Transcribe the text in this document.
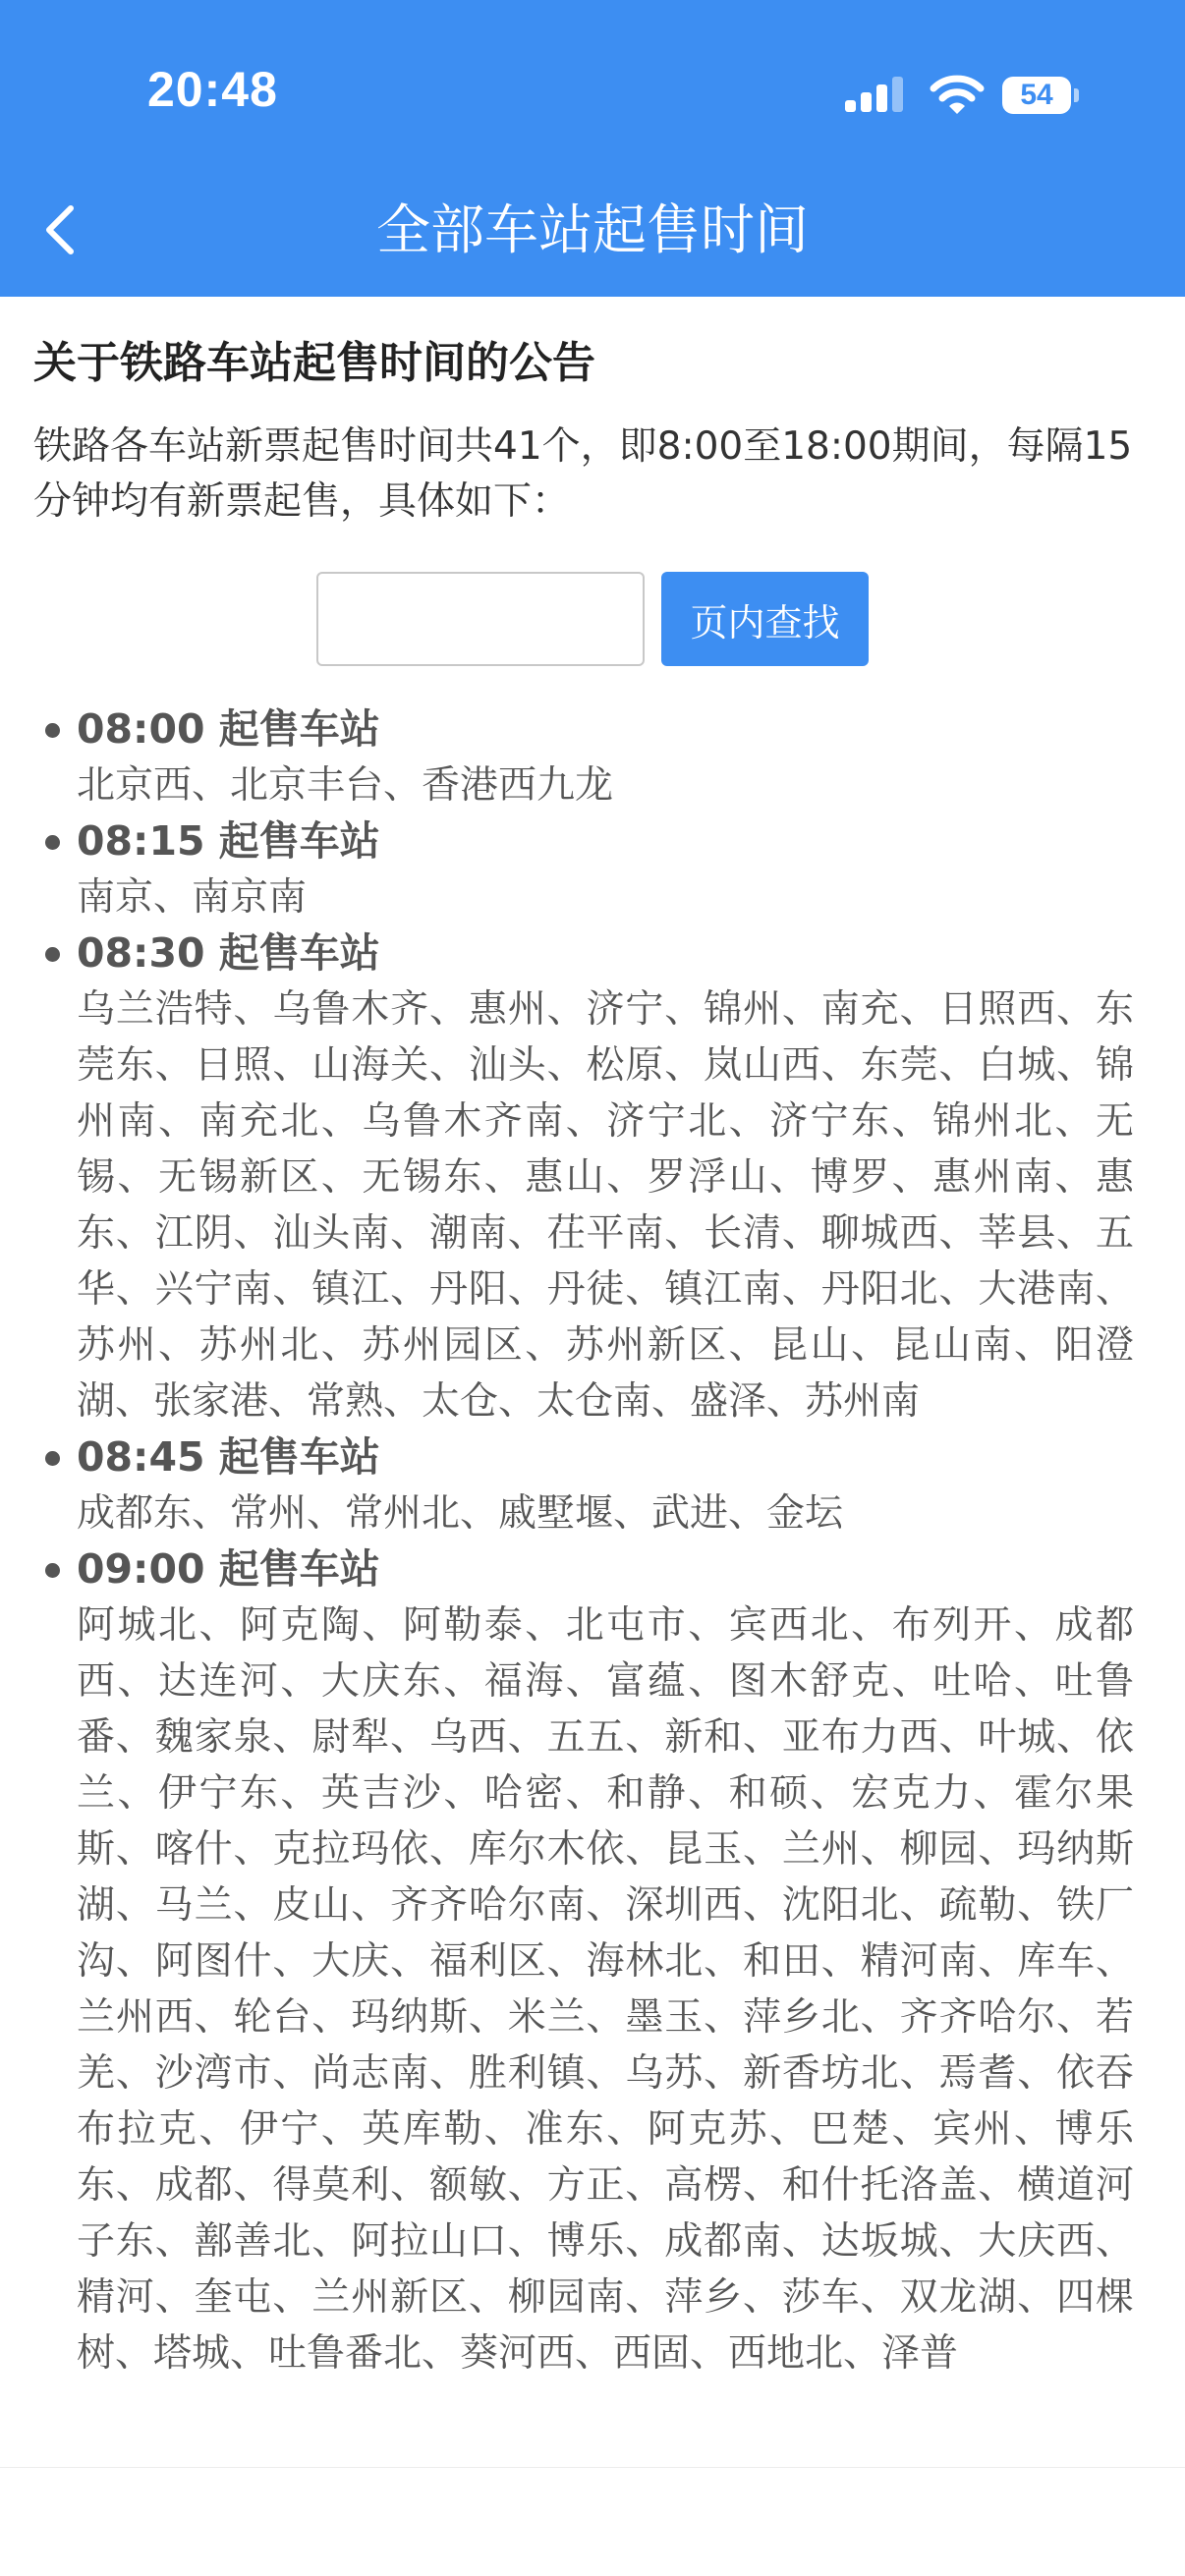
20:48	54
全部车站起售时间
关于铁路车站起售时间的公告
铁路各车站新票起售时间共41个，即8:00至18:00期间，每隔15分钟均有新票起售，具体如下：
页内查找
08:00 起售车站
北京西、北京丰台、香港西九龙
08:15 起售车站
南京、南京南
08:30 起售车站
乌兰浩特、乌鲁木齐、惠州、济宁、锦州、南充、日照西、东莞东、日照、山海关、汕头、松原、岚山西、东莞、白城、锦州南、南充北、乌鲁木齐南、济宁北、济宁东、锦州北、无锡、无锡新区、无锡东、惠山、罗浮山、博罗、惠州南、惠东、江阴、汕头南、潮南、茌平南、长清、聊城西、莘县、五华、兴宁南、镇江、丹阳、丹徒、镇江南、丹阳北、大港南、苏州、苏州北、苏州园区、苏州新区、昆山、昆山南、阳澄湖、张家港、常熟、太仓、太仓南、盛泽、苏州南
08:45 起售车站
成都东、常州、常州北、戚墅堰、武进、金坛
09:00 起售车站
阿城北、阿克陶、阿勒泰、北屯市、宾西北、布列开、成都西、达连河、大庆东、福海、富蕴、图木舒克、吐哈、吐鲁番、魏家泉、尉犁、乌西、五五、新和、亚布力西、叶城、依兰、伊宁东、英吉沙、哈密、和静、和硕、宏克力、霍尔果斯、喀什、克拉玛依、库尔木依、昆玉、兰州、柳园、玛纳斯湖、马兰、皮山、齐齐哈尔南、深圳西、沈阳北、疏勒、铁厂沟、阿图什、大庆、福利区、海林北、和田、精河南、库车、兰州西、轮台、玛纳斯、米兰、墨玉、萍乡北、齐齐哈尔、若羌、沙湾市、尚志南、胜利镇、乌苏、新香坊北、焉耆、依吞布拉克、伊宁、英库勒、准东、阿克苏、巴楚、宾州、博乐东、成都、得莫利、额敏、方正、高楞、和什托洛盖、横道河子东、鄯善北、阿拉山口、博乐、成都南、达坂城、大庆西、精河、奎屯、兰州新区、柳园南、萍乡、莎车、双龙湖、四棵树、塔城、吐鲁番北、葵河西、西固、西地北、泽普
